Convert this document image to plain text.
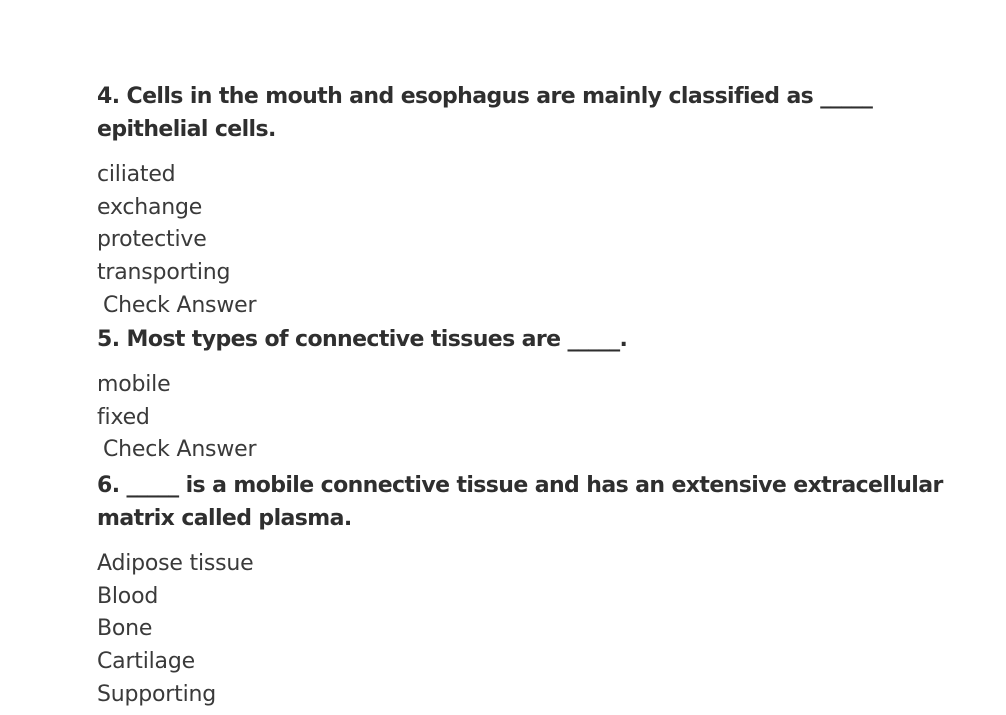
4. Cells in the mouth and esophagus are mainly classified as _____ epithelial cells.

ciliated
exchange
protective
transporting
Check Answer

5. Most types of connective tissues are _____.

mobile
fixed
Check Answer

6. _____ is a mobile connective tissue and has an extensive extracellular matrix called plasma.

Adipose tissue
Blood
Bone
Cartilage
Supporting
